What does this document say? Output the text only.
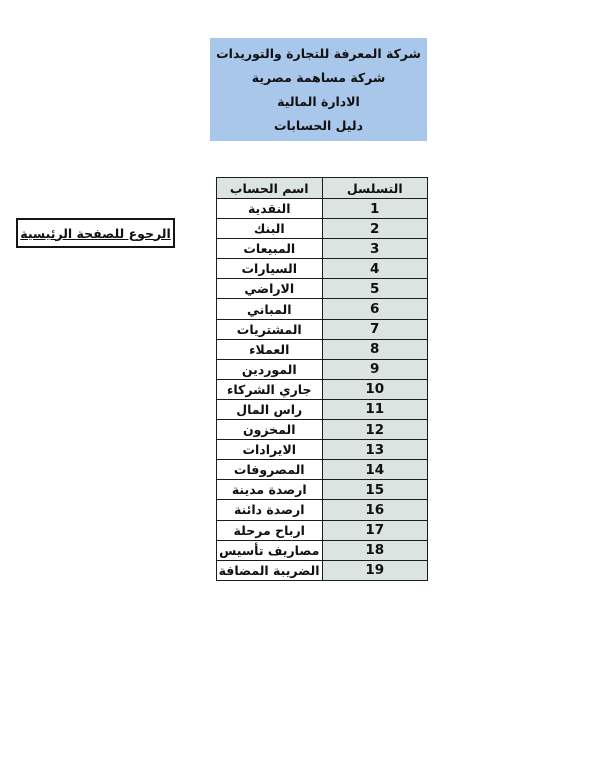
شركة المعرفة للتجارة والتوريدات
شركة مساهمة مصرية
الادارة المالية
دليل الحسابات
الرجوع للصفحة الرئيسية
التسلسل	اسم الحساب
1	النقدية
2	البنك
3	المبيعات
4	السيارات
5	الاراضي
6	المباني
7	المشتريات
8	العملاء
9	الموردين
10	جاري الشركاء
11	راس المال
12	المخزون
13	الايرادات
14	المصروفات
15	ارصدة مدينة
16	ارصدة دائنة
17	ارباح مرحلة
18	مصاريف تأسيس
19	الضريبة المضافة
